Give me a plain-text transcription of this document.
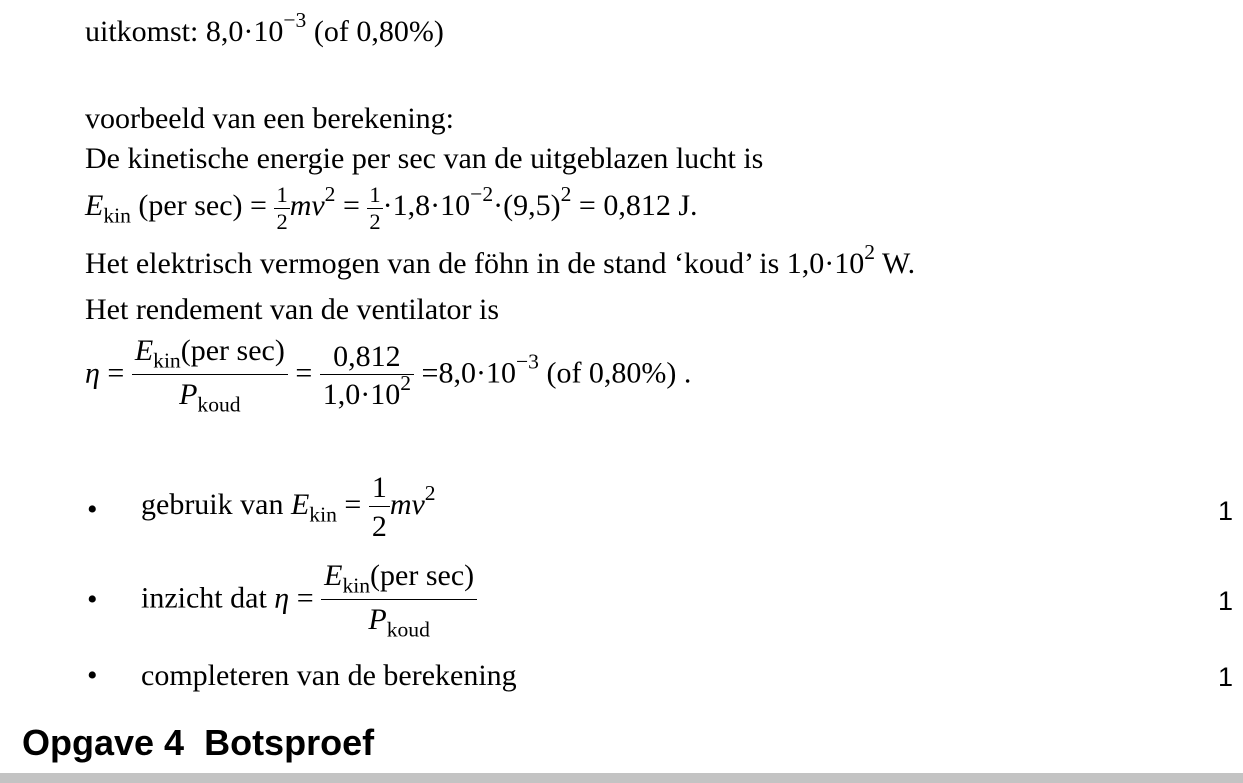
uitkomst: $8,0\cdot 10^{-3}$ (of 0,80%)
voorbeeld van een berekening:
De kinetische energie per sec van de uitgeblazen lucht is
$E_{kin}$ (per $\sec) = \frac{1}{2} mv^2 = \frac{1}{2} \cdot 1,8\cdot 10^{-2}\cdot(9,5)^2 = 0,812$ J.
Het elektrisch vermogen van de föhn in de stand ‘koud’ is $1,0\cdot 10^2$ W.
Het rendement van de ventilator is
$\eta = \frac{E_{kin}(per \sec)}{P_{koud}} = \frac{0,812}{1,0\cdot 10^2} =8,0\cdot 10^{-3}$ (of 0,80%) .
• gebruik van $E_{kin} = \frac{1}{2} mv^2$
1
• inzicht dat $\eta = \frac{E_{kin}(per \sec)}{P_{koud}}$	1
• completeren van de berekening	1
Opgave 4  Botsproef
